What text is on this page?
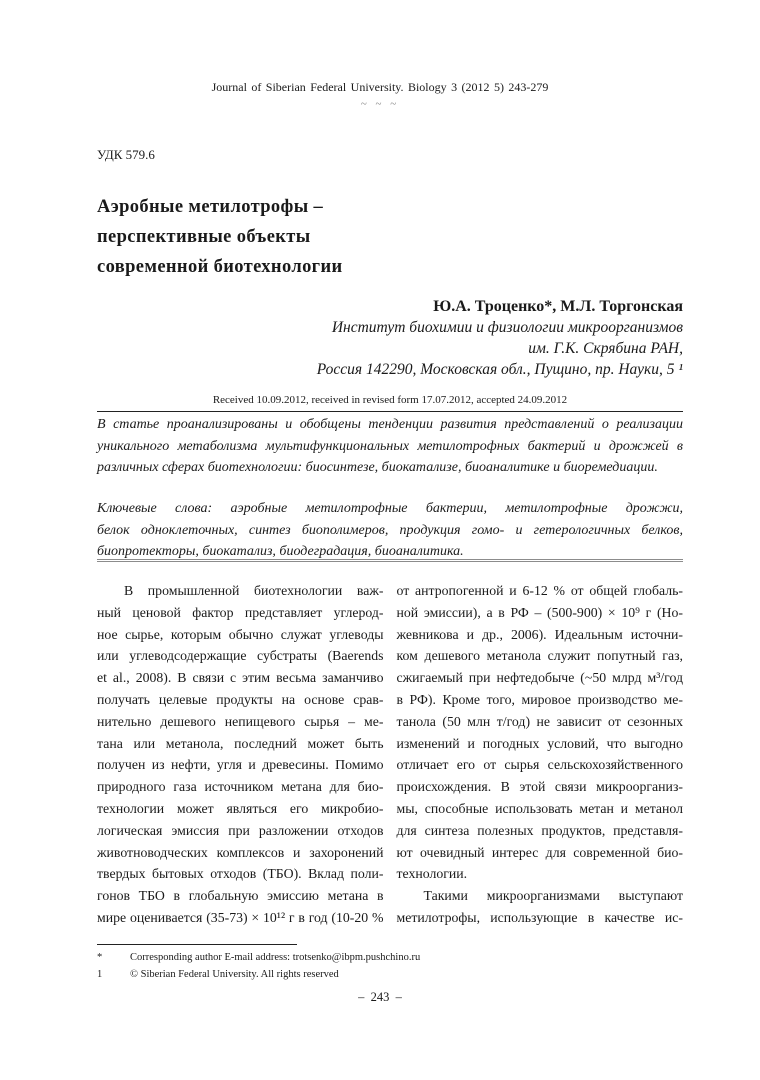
Journal of Siberian Federal University. Biology 3 (2012 5) 243-279
~ ~ ~
УДК 579.6
Аэробные метилотрофы –
перспективные объекты
современной биотехнологии
Ю.А. Троценко*, М.Л. Торгонская
Институт биохимии и физиологии микроорганизмов
им. Г.К. Скрябина РАН,
Россия 142290, Московская обл., Пущино, пр. Науки, 5 ¹
Received 10.09.2012, received in revised form 17.07.2012, accepted 24.09.2012
В статье проанализированы и обобщены тенденции развития представлений о реализации
уникального метаболизма мультифункциональных метилотрофных бактерий и дрожжей в
различных сферах биотехнологии: биосинтезе, биокатализе, биоаналитике и биоремедиации.
Ключевые слова: аэробные метилотрофные бактерии, метилотрофные дрожжи,
белок одноклеточных, синтез биополимеров, продукция гомо- и гетерологичных белков,
биопротекторы, биокатализ, биодеградация, биоаналитика.
В промышленной биотехнологии важ-
ный ценовой фактор представляет углерод-
ное сырье, которым обычно служат углеводы
или углеводсодержащие субстраты (Baerends
et al., 2008). В связи с этим весьма заманчиво
получать целевые продукты на основе срав-
нительно дешевого непищевого сырья – ме-
тана или метанола, последний может быть
получен из нефти, угля и древесины. Помимо
природного газа источником метана для био-
технологии может являться его микробио-
логическая эмиссия при разложении отходов
животноводческих комплексов и захоронений
твердых бытовых отходов (ТБО). Вклад поли-
гонов ТБО в глобальную эмиссию метана в
мире оценивается (35-73) × 10¹² г в год (10-20 %
от антропогенной и 6-12 % от общей глобаль-
ной эмиссии), а в РФ – (500-900) × 10⁹ г (Но-
жевникова и др., 2006). Идеальным источни-
ком дешевого метанола служит попутный газ,
сжигаемый при нефтедобыче (~50 млрд м³/год
в РФ). Кроме того, мировое производство ме-
танола (50 млн т/год) не зависит от сезонных
изменений и погодных условий, что выгодно
отличает его от сырья сельскохозяйственного
происхождения. В этой связи микроорганиз-
мы, способные использовать метан и метанол
для синтеза полезных продуктов, представля-
ют очевидный интерес для современной био-
технологии.
Такими микроорганизмами выступают
метилотрофы, использующие в качестве ис-
*	Corresponding author E-mail address: trotsenko@ibpm.pushchino.ru
1	© Siberian Federal University. All rights reserved
– 243 –
